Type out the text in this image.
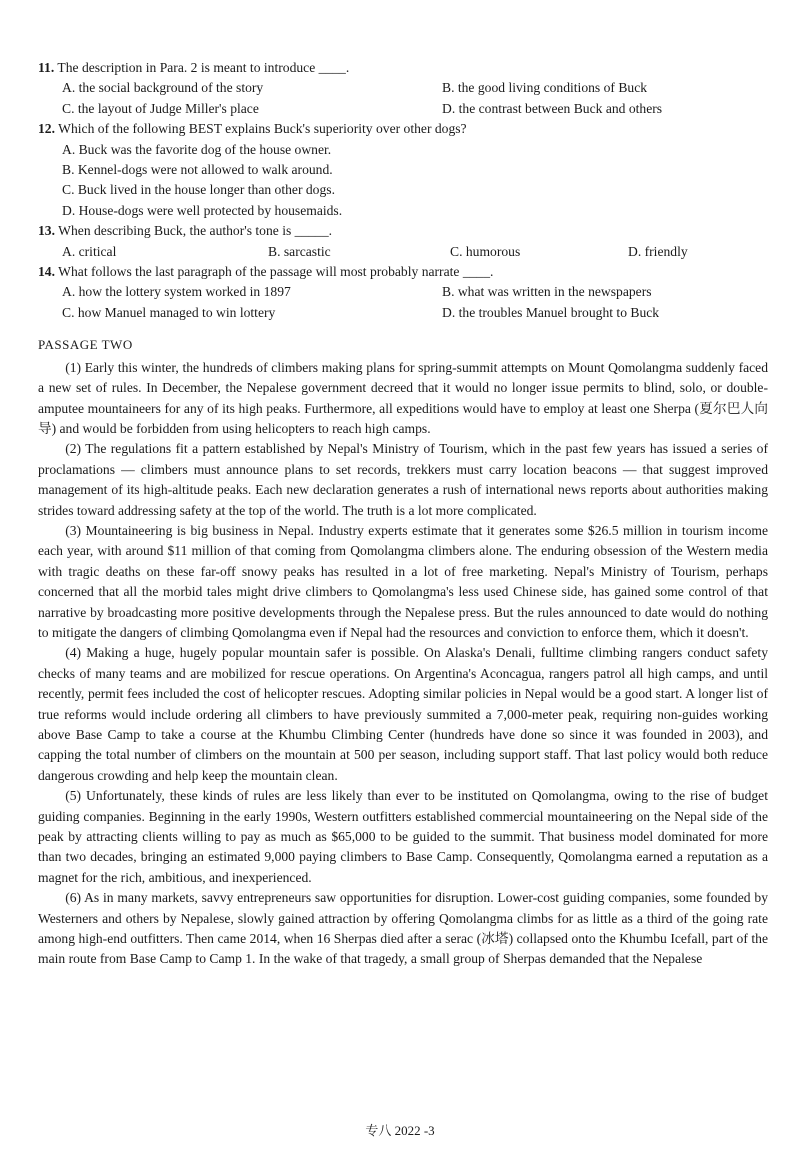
11. The description in Para. 2 is meant to introduce ____.
A. the social background of the story	B. the good living conditions of Buck
C. the layout of Judge Miller's place	D. the contrast between Buck and others
12. Which of the following BEST explains Buck's superiority over other dogs?
A. Buck was the favorite dog of the house owner.
B. Kennel-dogs were not allowed to walk around.
C. Buck lived in the house longer than other dogs.
D. House-dogs were well protected by housemaids.
13. When describing Buck, the author's tone is _____.
A. critical	B. sarcastic	C. humorous	D. friendly
14. What follows the last paragraph of the passage will most probably narrate ____.
A. how the lottery system worked in 1897	B. what was written in the newspapers
C. how Manuel managed to win lottery	D. the troubles Manuel brought to Buck
PASSAGE TWO

(1) Early this winter, the hundreds of climbers making plans for spring-summit attempts on Mount Qomolangma suddenly faced a new set of rules. In December, the Nepalese government decreed that it would no longer issue permits to blind, solo, or double-amputee mountaineers for any of its high peaks. Furthermore, all expeditions would have to employ at least one Sherpa (夏尔巴人向导) and would be forbidden from using helicopters to reach high camps.

(2) The regulations fit a pattern established by Nepal's Ministry of Tourism, which in the past few years has issued a series of proclamations — climbers must announce plans to set records, trekkers must carry location beacons — that suggest improved management of its high-altitude peaks. Each new declaration generates a rush of international news reports about authorities making strides toward addressing safety at the top of the world. The truth is a lot more complicated.

(3) Mountaineering is big business in Nepal. Industry experts estimate that it generates some $26.5 million in tourism income each year, with around $11 million of that coming from Qomolangma climbers alone. The enduring obsession of the Western media with tragic deaths on these far-off snowy peaks has resulted in a lot of free marketing. Nepal's Ministry of Tourism, perhaps concerned that all the morbid tales might drive climbers to Qomolangma's less used Chinese side, has gained some control of that narrative by broadcasting more positive developments through the Nepalese press. But the rules announced to date would do nothing to mitigate the dangers of climbing Qomolangma even if Nepal had the resources and conviction to enforce them, which it doesn't.

(4) Making a huge, hugely popular mountain safer is possible. On Alaska's Denali, fulltime climbing rangers conduct safety checks of many teams and are mobilized for rescue operations. On Argentina's Aconcagua, rangers patrol all high camps, and until recently, permit fees included the cost of helicopter rescues. Adopting similar policies in Nepal would be a good start. A longer list of true reforms would include ordering all climbers to have previously summited a 7,000-meter peak, requiring non-guides working above Base Camp to take a course at the Khumbu Climbing Center (hundreds have done so since it was founded in 2003), and capping the total number of climbers on the mountain at 500 per season, including support staff. That last policy would both reduce dangerous crowding and help keep the mountain clean.

(5) Unfortunately, these kinds of rules are less likely than ever to be instituted on Qomolangma, owing to the rise of budget guiding companies. Beginning in the early 1990s, Western outfitters established commercial mountaineering on the Nepal side of the peak by attracting clients willing to pay as much as $65,000 to be guided to the summit. That business model dominated for more than two decades, bringing an estimated 9,000 paying climbers to Base Camp. Consequently, Qomolangma earned a reputation as a magnet for the rich, ambitious, and inexperienced.

(6) As in many markets, savvy entrepreneurs saw opportunities for disruption. Lower-cost guiding companies, some founded by Westerners and others by Nepalese, slowly gained attraction by offering Qomolangma climbs for as little as a third of the going rate among high-end outfitters. Then came 2014, when 16 Sherpas died after a serac (冰塔) collapsed onto the Khumbu Icefall, part of the main route from Base Camp to Camp 1. In the wake of that tragedy, a small group of Sherpas demanded that the Nepalese

专八 2022 -3
